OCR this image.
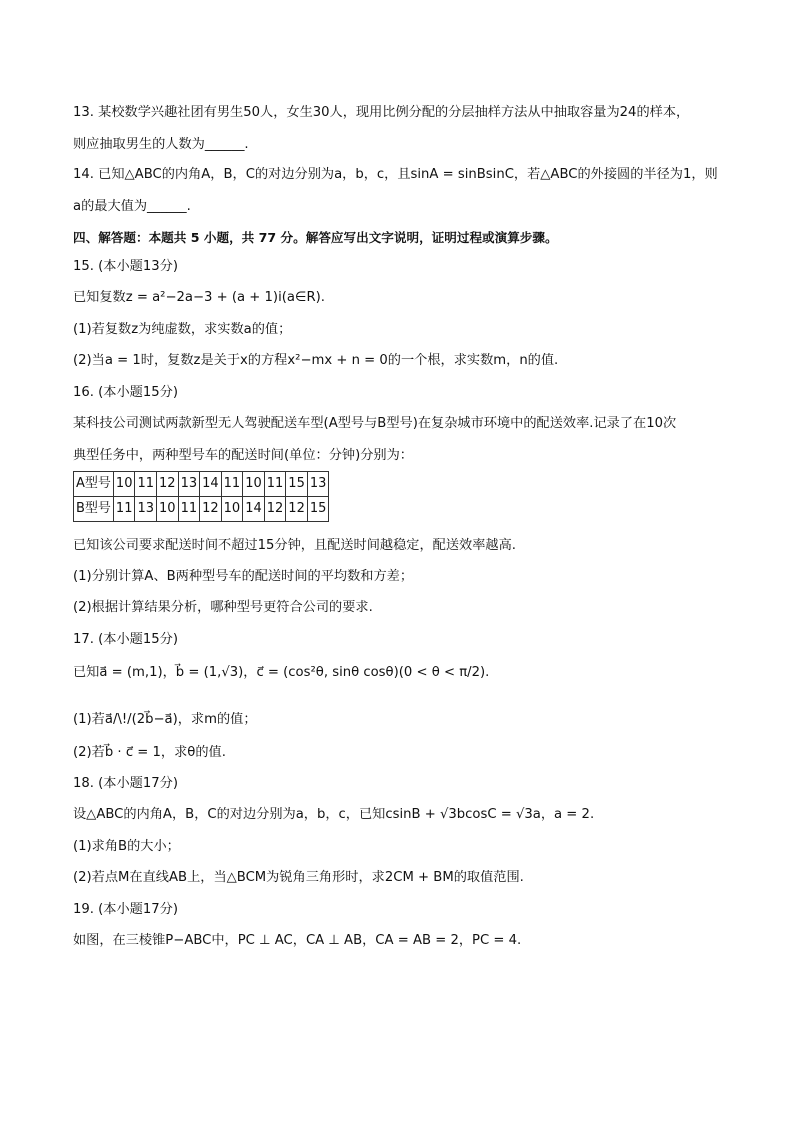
13. 某校数学兴趣社团有男生50人，女生30人，现用比例分配的分层抽样方法从中抽取容量为24的样本，
则应抽取男生的人数为______.
14. 已知△ABC的内角A，B，C的对边分别为a，b，c，且sinA = sinBsinC，若△ABC的外接圆的半径为1，则
a的最大值为______.
四、解答题：本题共 5 小题，共 77 分。解答应写出文字说明，证明过程或演算步骤。
15. (本小题13分)
已知复数z = a²−2a−3 + (a + 1)i(a∈R).
(1)若复数z为纯虚数，求实数a的值；
(2)当a = 1时，复数z是关于x的方程x²−mx + n = 0的一个根，求实数m，n的值.
16. (本小题15分)
某科技公司测试两款新型无人驾驶配送车型(A型号与B型号)在复杂城市环境中的配送效率.记录了在10次
典型任务中，两种型号车的配送时间(单位：分钟)分别为：
A型号	10	11	12	13	14	11	10	11	15	13
B型号	11	13	10	11	12	10	14	12	12	15
已知该公司要求配送时间不超过15分钟，且配送时间越稳定，配送效率越高.
(1)分别计算A、B两种型号车的配送时间的平均数和方差；
(2)根据计算结果分析，哪种型号更符合公司的要求.
17. (本小题15分)
已知a⃗ = (m,1)，b⃗ = (1,√3)，c⃗ = (cos²θ, sinθ cosθ)(0 < θ < π/2).
(1)若a⃗/\!/(2b⃗−a⃗)，求m的值；
(2)若b⃗ · c⃗ = 1，求θ的值.
18. (本小题17分)
设△ABC的内角A，B，C的对边分别为a，b，c，已知csinB + √3bcosC = √3a，a = 2.
(1)求角B的大小；
(2)若点M在直线AB上，当△BCM为锐角三角形时，求2CM + BM的取值范围.
19. (本小题17分)
如图，在三棱锥P−ABC中，PC ⊥ AC，CA ⊥ AB，CA = AB = 2，PC = 4.
